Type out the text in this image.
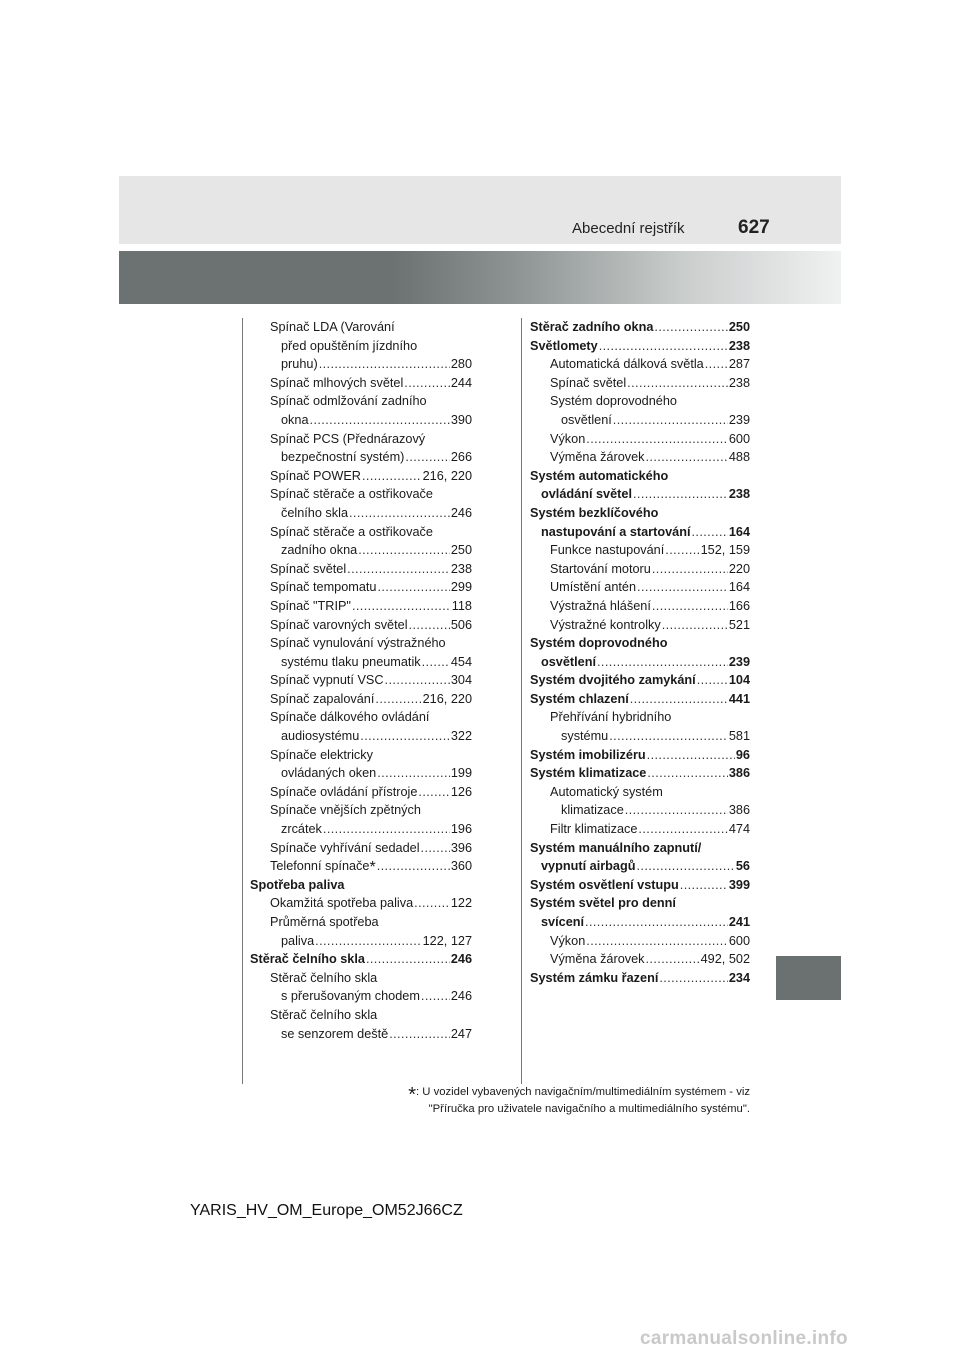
Abecední rejstřík	627
Spínač LDA (Varování
před opuštěním jízdního
pruhu) .....	280
Spínač mlhových světel .....	244
Spínač odmlžování zadního
okna .....	390
Spínač PCS (Přednárazový
bezpečnostní systém) .....	266
Spínač POWER .....	216, 220
Spínač stěrače a ostřikovače
čelního skla .....	246
Spínač stěrače a ostřikovače
zadního okna .....	250
Spínač světel .....	238
Spínač tempomatu .....	299
Spínač "TRIP" .....	118
Spínač varovných světel .....	506
Spínač vynulování výstražného
systému tlaku pneumatik ..... 454
Spínač vypnutí VSC .....	304
Spínač zapalování .....	216, 220
Spínače dálkového ovládání
audiosystému .....	322
Spínače elektricky
ovládaných oken .....	199
Spínače ovládání přístroje .....	126
Spínače vnějších zpětných
zrcátek .....	196
Spínače vyhřívání sedadel ..... 396
Telefonní spínače* .....	360
Spotřeba paliva
Okamžitá spotřeba paliva .....	122
Průměrná spotřeba
paliva .....	122, 127
Stěrač čelního skla .....	246
Stěrač čelního skla
s přerušovaným chodem ..... 246
Stěrač čelního skla
se senzorem deště .....	247
Stěrač zadního okna .....	250
Světlomety .....	238
Automatická dálková světla ..... 287
Spínač světel .....	238
Systém doprovodného
osvětlení .....	239
Výkon .....	600
Výměna žárovek .....	488
Systém automatického
ovládání světel .....	238
Systém bezklíčového
nastupování a startování .....	164
Funkce nastupování .....	152, 159
Startování motoru .....	220
Umístění antén .....	164
Výstražná hlášení .....	166
Výstražné kontrolky .....	521
Systém doprovodného
osvětlení .....	239
Systém dvojitého zamykání .....	104
Systém chlazení .....	441
Přehřívání hybridního
systému .....	581
Systém imobilizéru .....	96
Systém klimatizace .....	386
Automatický systém
klimatizace .....	386
Filtr klimatizace .....	474
Systém manuálního zapnutí/
vypnutí airbagů .....	56
Systém osvětlení vstupu .....	399
Systém světel pro denní
svícení .....	241
Výkon .....	600
Výměna žárovek .....	492, 502
Systém zámku řazení .....	234
*: U vozidel vybavených navigačním/multimediálním systémem - viz
"Příručka pro uživatele navigačního a multimediálního systému".
YARIS_HV_OM_Europe_OM52J66CZ
carmanualsonline.info
